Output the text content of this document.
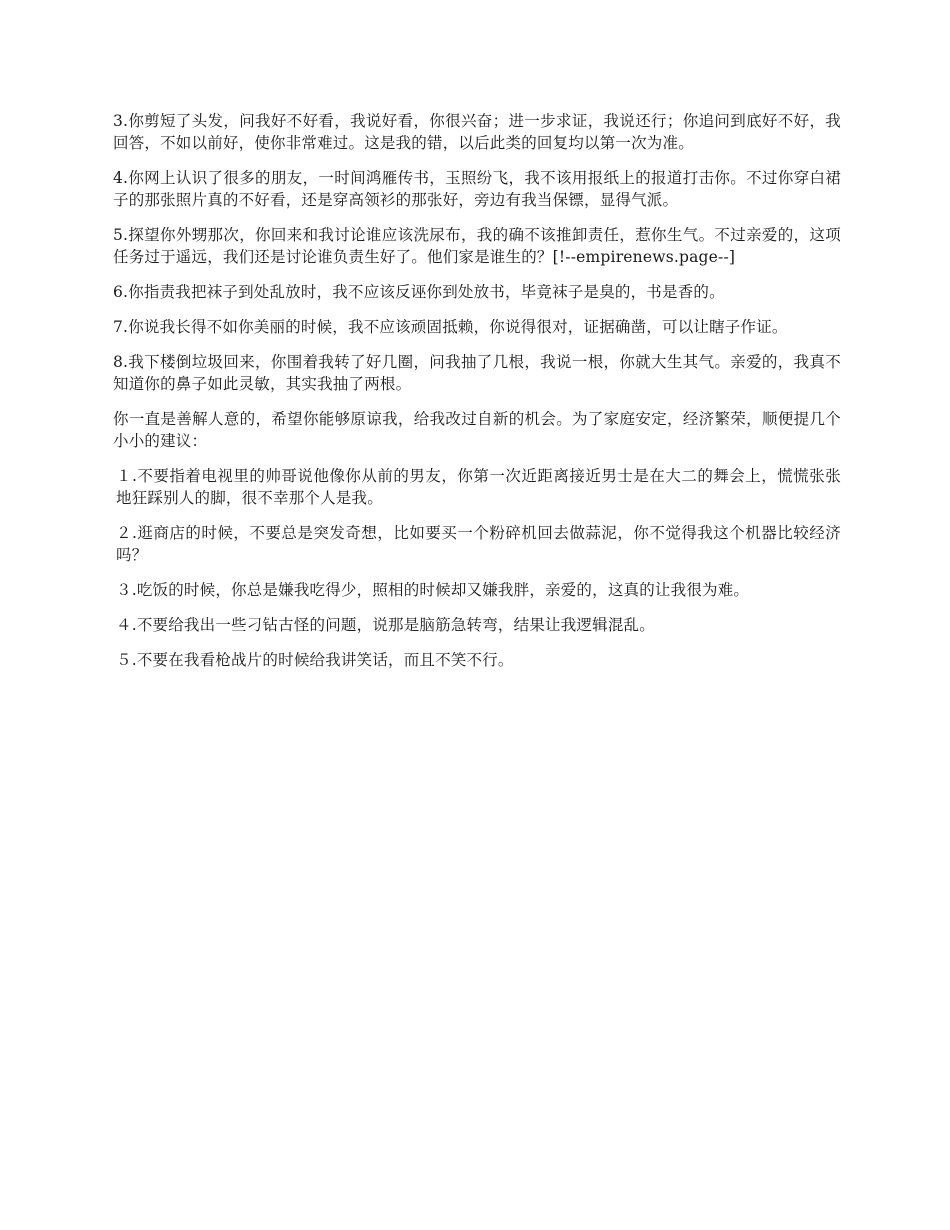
3.你剪短了头发，问我好不好看，我说好看，你很兴奋；进一步求证，我说还行；你追问到底好不好，我回答，不如以前好，使你非常难过。这是我的错，以后此类的回复均以第一次为准。

4.你网上认识了很多的朋友，一时间鸿雁传书，玉照纷飞，我不该用报纸上的报道打击你。不过你穿白裙子的那张照片真的不好看，还是穿高领衫的那张好，旁边有我当保镖，显得气派。

5.探望你外甥那次，你回来和我讨论谁应该洗尿布，我的确不该推卸责任，惹你生气。不过亲爱的，这项任务过于遥远，我们还是讨论谁负责生好了。他们家是谁生的？[!--empirenews.page--]

6.你指责我把袜子到处乱放时，我不应该反诬你到处放书，毕竟袜子是臭的，书是香的。

7.你说我长得不如你美丽的时候，我不应该顽固抵赖，你说得很对，证据确凿，可以让瞎子作证。

8.我下楼倒垃圾回来，你围着我转了好几圈，问我抽了几根，我说一根，你就大生其气。亲爱的，我真不知道你的鼻子如此灵敏，其实我抽了两根。

你一直是善解人意的，希望你能够原谅我，给我改过自新的机会。为了家庭安定，经济繁荣，顺便提几个小小的建议：

１.不要指着电视里的帅哥说他像你从前的男友，你第一次近距离接近男士是在大二的舞会上，慌慌张张地狂踩别人的脚，很不幸那个人是我。

２.逛商店的时候，不要总是突发奇想，比如要买一个粉碎机回去做蒜泥，你不觉得我这个机器比较经济吗？

３.吃饭的时候，你总是嫌我吃得少，照相的时候却又嫌我胖，亲爱的，这真的让我很为难。

４.不要给我出一些刁钻古怪的问题，说那是脑筋急转弯，结果让我逻辑混乱。

５.不要在我看枪战片的时候给我讲笑话，而且不笑不行。
